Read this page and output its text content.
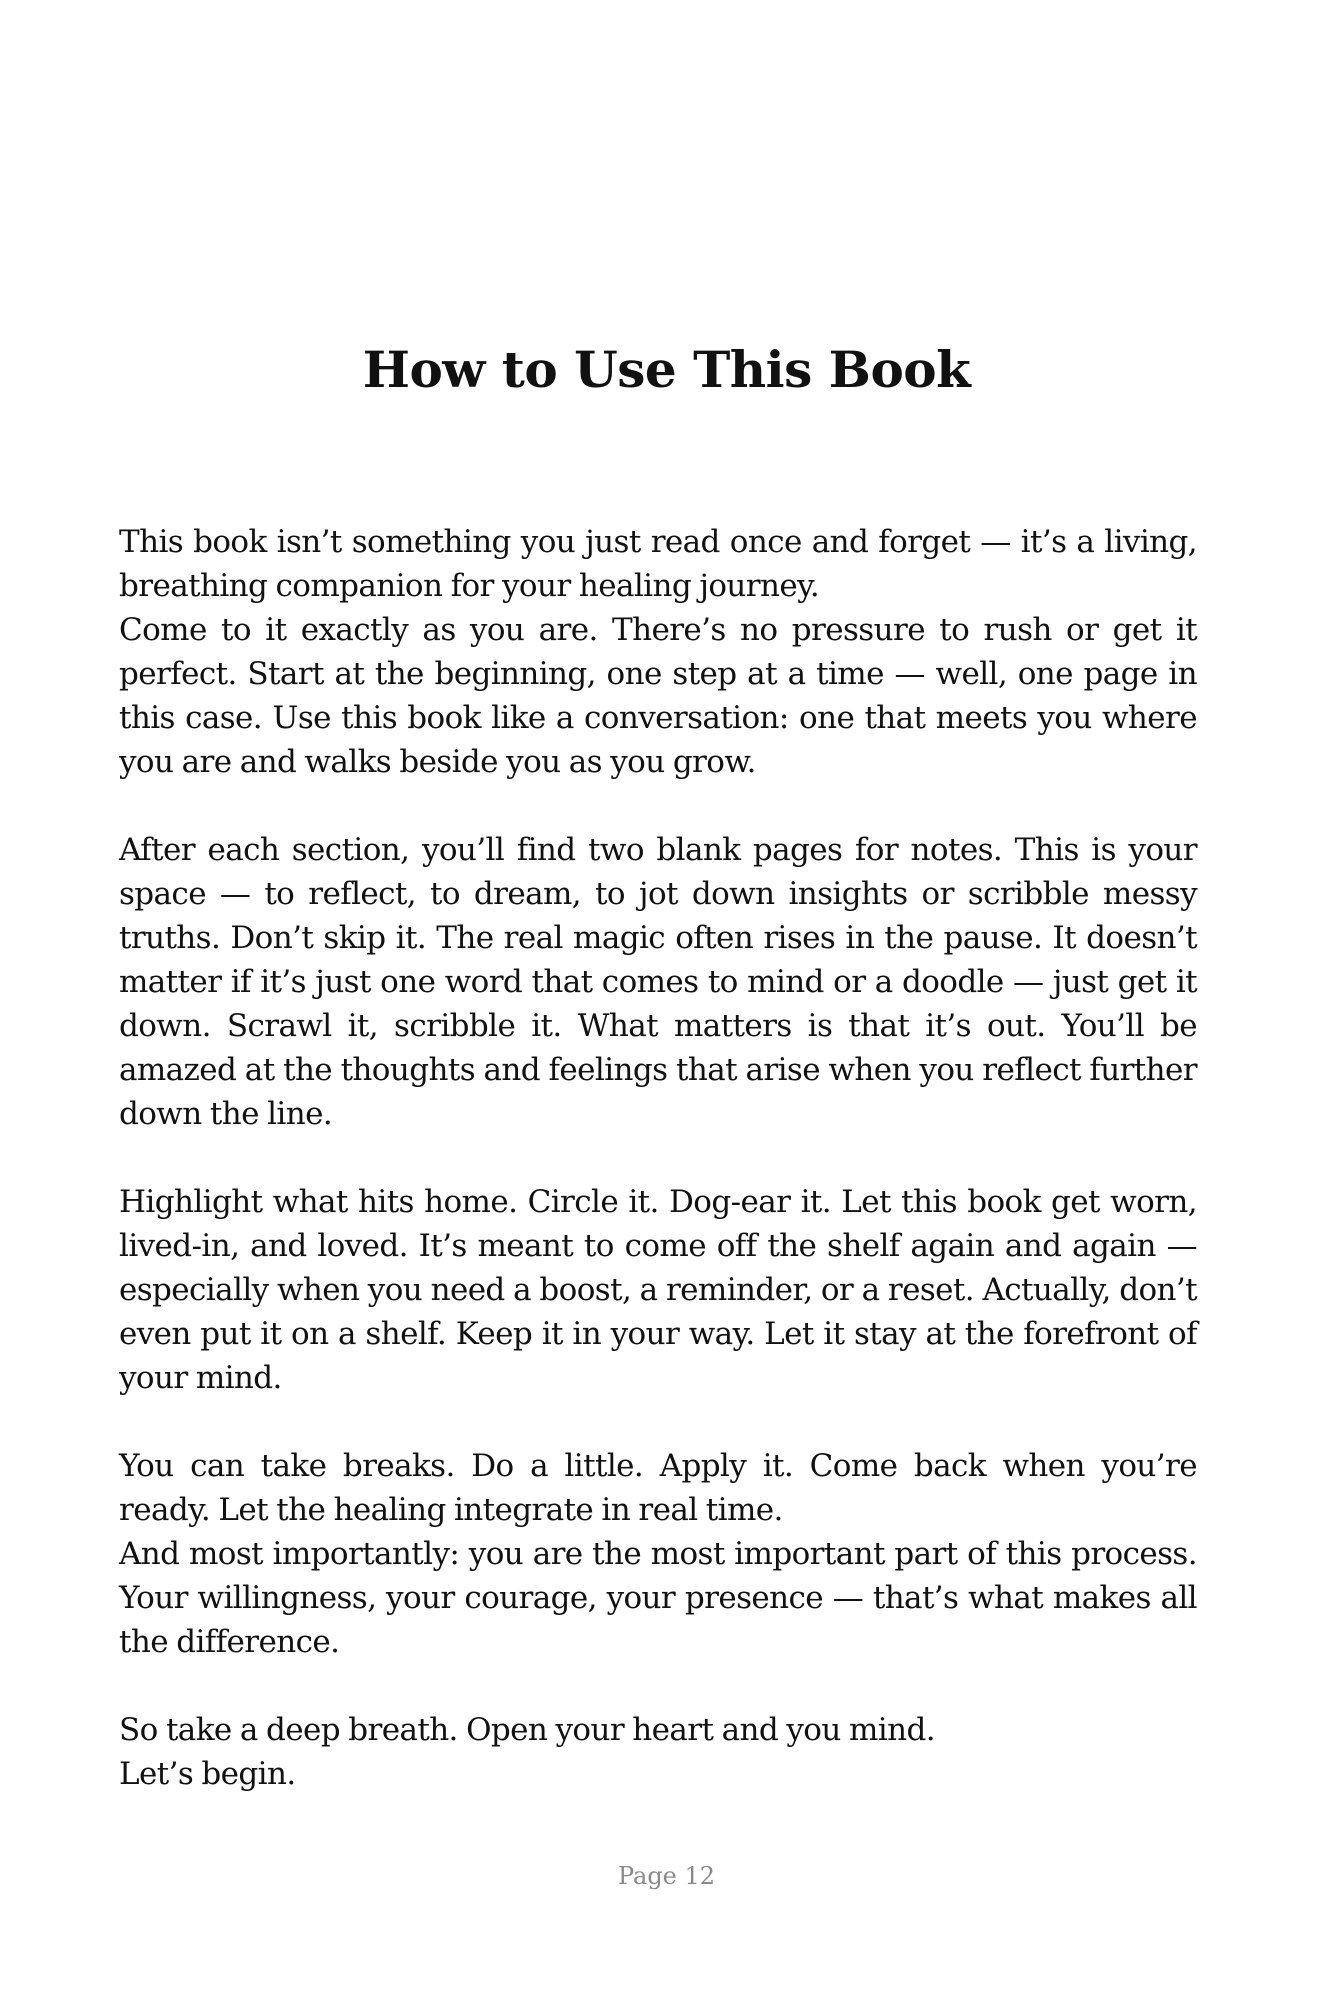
How to Use This Book

This book isn’t something you just read once and forget — it’s a living, breathing companion for your healing journey.
Come to it exactly as you are. There’s no pressure to rush or get it perfect. Start at the beginning, one step at a time — well, one page in this case. Use this book like a conversation: one that meets you where you are and walks beside you as you grow.

After each section, you’ll find two blank pages for notes. This is your space — to reflect, to dream, to jot down insights or scribble messy truths. Don’t skip it. The real magic often rises in the pause. It doesn’t matter if it’s just one word that comes to mind or a doodle — just get it down. Scrawl it, scribble it. What matters is that it’s out. You’ll be amazed at the thoughts and feelings that arise when you reflect further down the line.

Highlight what hits home. Circle it. Dog-ear it. Let this book get worn, lived-in, and loved. It’s meant to come off the shelf again and again — especially when you need a boost, a reminder, or a reset. Actually, don’t even put it on a shelf. Keep it in your way. Let it stay at the forefront of your mind.

You can take breaks. Do a little. Apply it. Come back when you’re ready. Let the healing integrate in real time.
And most importantly: you are the most important part of this process. Your willingness, your courage, your presence — that’s what makes all the difference.

So take a deep breath. Open your heart and you mind.
Let’s begin.

Page 12
